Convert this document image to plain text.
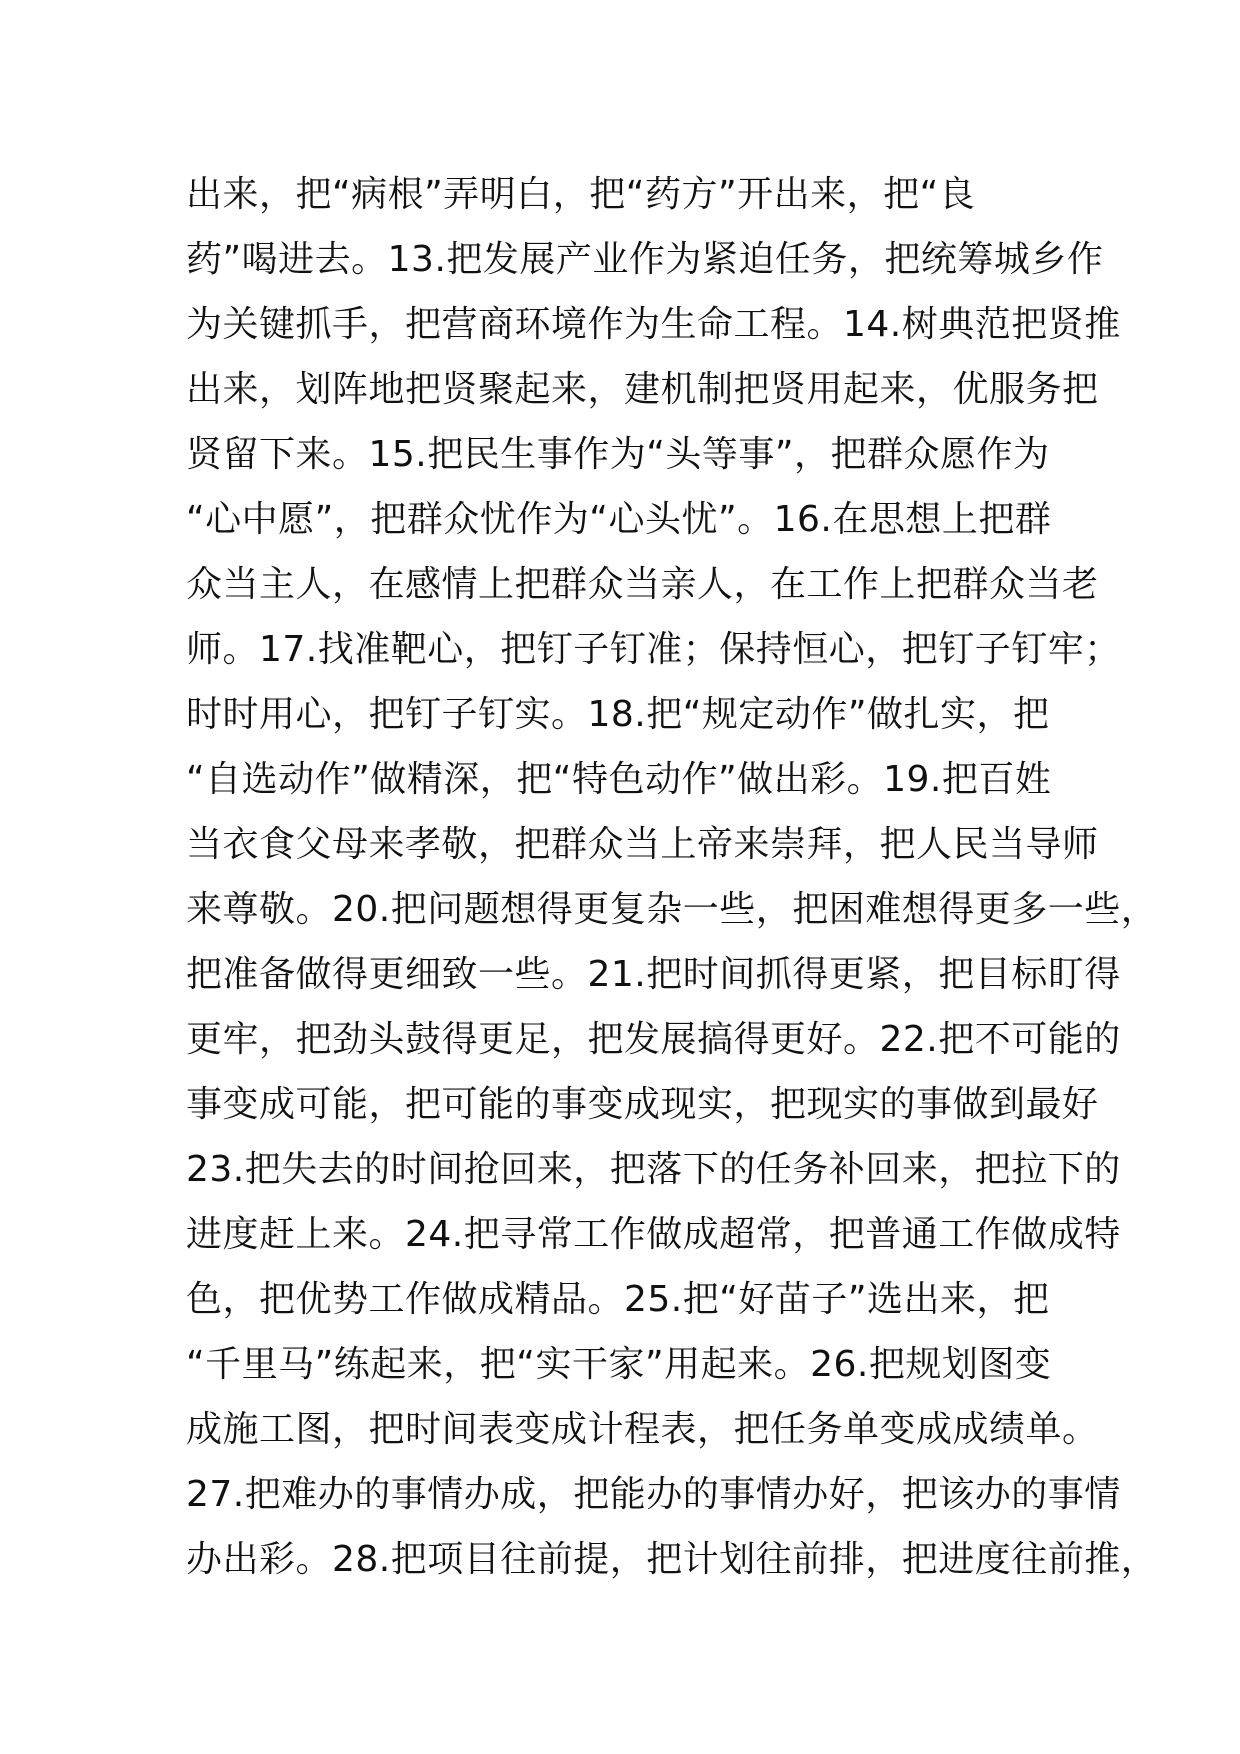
出来，把“病根”弄明白，把“药方”开出来，把“良
药”喝进去。13.把发展产业作为紧迫任务，把统筹城乡作
为关键抓手，把营商环境作为生命工程。14.树典范把贤推
出来，划阵地把贤聚起来，建机制把贤用起来，优服务把
贤留下来。15.把民生事作为“头等事”，把群众愿作为
“心中愿”，把群众忧作为“心头忧”。16.在思想上把群
众当主人，在感情上把群众当亲人，在工作上把群众当老
师。17.找准靶心，把钉子钉准；保持恒心，把钉子钉牢；
时时用心，把钉子钉实。18.把“规定动作”做扎实，把
“自选动作”做精深，把“特色动作”做出彩。19.把百姓
当衣食父母来孝敬，把群众当上帝来崇拜，把人民当导师
来尊敬。20.把问题想得更复杂一些，把困难想得更多一些，
把准备做得更细致一些。21.把时间抓得更紧，把目标盯得
更牢，把劲头鼓得更足，把发展搞得更好。22.把不可能的
事变成可能，把可能的事变成现实，把现实的事做到最好
23.把失去的时间抢回来，把落下的任务补回来，把拉下的
进度赶上来。24.把寻常工作做成超常，把普通工作做成特
色，把优势工作做成精品。25.把“好苗子”选出来，把
“千里马”练起来，把“实干家”用起来。26.把规划图变
成施工图，把时间表变成计程表，把任务单变成成绩单。
27.把难办的事情办成，把能办的事情办好，把该办的事情
办出彩。28.把项目往前提，把计划往前排，把进度往前推，
